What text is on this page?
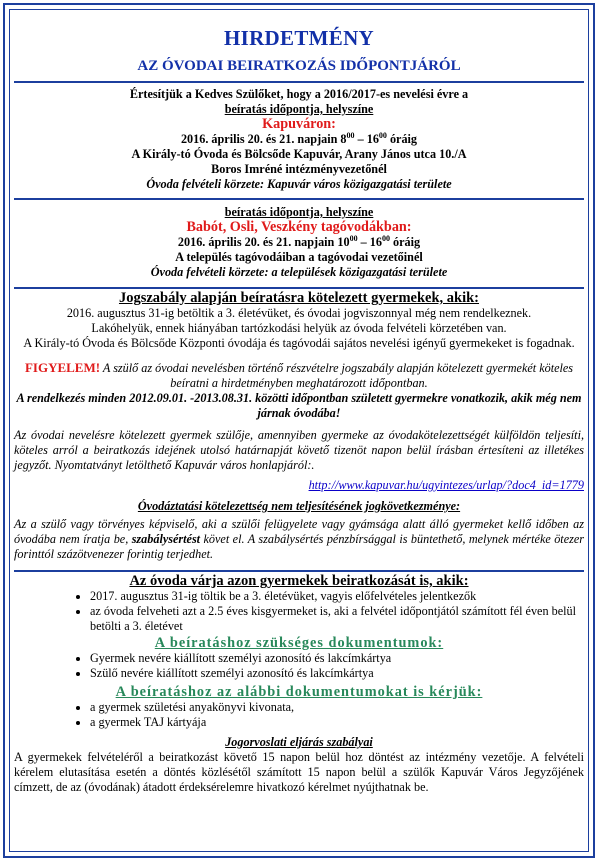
HIRDETMÉNY
AZ ÓVODAI BEIRATKOZÁS IDŐPONTJÁRÓL
Értesítjük a Kedves Szülőket, hogy a 2016/2017-es nevelési évre a
beíratás időpontja, helyszíne
Kapuváron:
2016. április 20. és 21. napjain $8^{00} - 16^{00}$ óráig
A Király-tó Óvoda és Bölcsőde Kapuvár, Arany János utca 10./A
Boros Imréné intézményvezetőnél
Óvoda felvételi körzete: Kapuvár város közigazgatási területe
beíratás időpontja, helyszíne
Babót, Osli, Veszkény tagóvodákban:
2016. április 20. és 21. napjain $10^{00} - 16^{00}$ óráig
A település tagóvodáiban a tagóvodai vezetőinél
Óvoda felvételi körzete: a települések közigazgatási területe
Jogszabály alapján beíratásra kötelezett gyermekek, akik:
2016. augusztus 31-ig betöltik a 3. életévüket, és óvodai jogviszonnyal még nem rendelkeznek.
Lakóhelyük, ennek hiányában tartózkodási helyük az óvoda felvételi körzetében van.
A Király-tó Óvoda és Bölcsőde Központi óvodája és tagóvodái sajátos nevelési igényű gyermekeket is fogadnak.
FIGYELEM! A szülő az óvodai nevelésben történő részvételre jogszabály alapján kötelezett gyermekét köteles beíratni a hirdetményben meghatározott időpontban.
A rendelkezés minden 2012.09.01. -2013.08.31. közötti időpontban született gyermekre vonatkozik, akik még nem járnak óvodába!
Az óvodai nevelésre kötelezett gyermek szülője, amennyiben gyermeke az óvodakötelezettségét külföldön teljesíti, köteles arról a beiratkozás idejének utolsó határnapját követő tizenöt napon belül írásban értesíteni az illetékes jegyzőt. Nyomtatványt letölthető Kapuvár város honlapjáról:.
http://www.kapuvar.hu/ugyintezes/urlap/?doc4_id=1779
Óvodáztatási kötelezettség nem teljesítésének jogkövetkezménye:
Az a szülő vagy törvényes képviselő, aki a szülői felügyelete vagy gyámsága alatt álló gyermeket kellő időben az óvodába nem íratja be, szabálysértést követ el. A szabálysértés pénzbírsággal is büntethető, melynek mértéke ötezer forinttól százötvenezer forintig terjedhet.
Az óvoda várja azon gyermekek beiratkozását is, akik:
• 2017. augusztus 31-ig töltik be a 3. életévüket, vagyis előfelvételes jelentkezők
• az óvoda felveheti azt a 2.5 éves kisgyermeket is, aki a felvétel időpontjától számított fél éven belül betölti a 3. életévet
A beíratáshoz szükséges dokumentumok:
• Gyermek nevére kiállított személyi azonosító és lakcímkártya
• Szülő nevére kiállított személyi azonosító és lakcímkártya
A beíratáshoz az alábbi dokumentumokat is kérjük:
• a gyermek születési anyakönyvi kivonata,
• a gyermek TAJ kártyája
Jogorvoslati eljárás szabályai
A gyermekek felvételéről a beiratkozást követő 15 napon belül hoz döntést az intézmény vezetője. A felvételi kérelem elutasítása esetén a döntés közlésétől számított 15 napon belül a szülők Kapuvár Város Jegyzőjének címzett, de az (óvodának) átadott érdeksérelemre hivatkozó kérelmet nyújthatnak be.
